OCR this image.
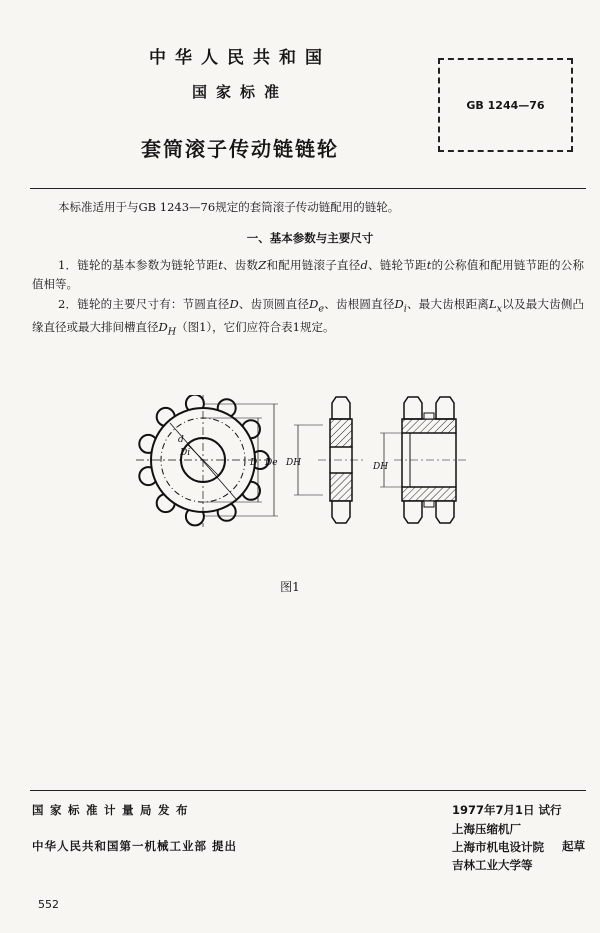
中华人民共和国
国家标准
套筒滚子传动链链轮
GB 1244—76

本标准适用于与GB 1243—76规定的套筒滚子传动链配用的链轮。

一、基本参数与主要尺寸

1．链轮的基本参数为链轮节距t、齿数Z和配用链滚子直径d、链轮节距t的公称值和配用链节距的公称值相等。

2．链轮的主要尺寸有：节圆直径D、齿顶圆直径$D_e$、齿根圆直径$D_i$、最大齿根距离$L_x$以及最大齿侧凸缘直径或最大排间槽直径$D_H$（图1），它们应符合表1规定。

d
Di
D De DH	DH
图1
国家标准计量局发布
中华人民共和国第一机械工业部 提出
1977年7月1日 试行
上海压缩机厂
上海市机电设计院
吉林工业大学等
起草
552
